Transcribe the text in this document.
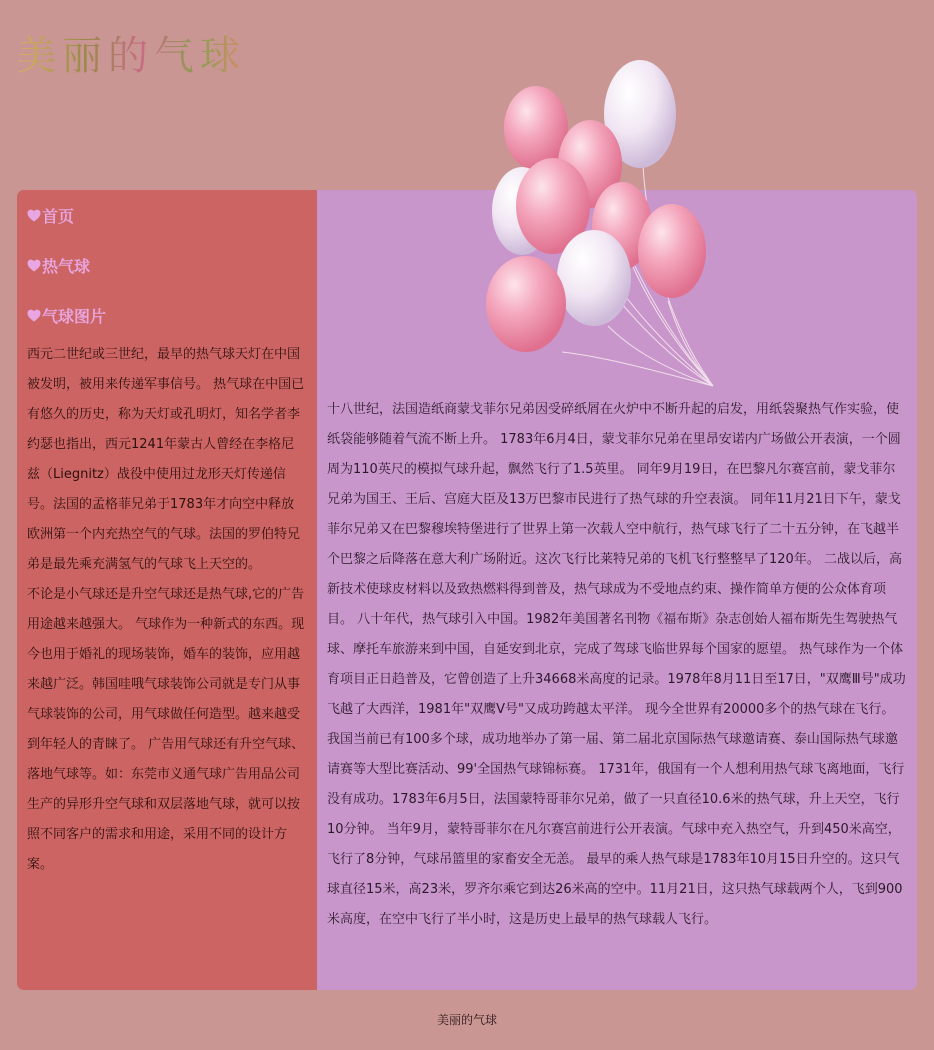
美丽的气球
首页
热气球
气球图片

西元二世纪或三世纪，最早的热气球天灯在中国被发明，被用来传递军事信号。 热气球在中国已有悠久的历史，称为天灯或孔明灯，知名学者李约瑟也指出，西元1241年蒙古人曾经在李格尼兹（Liegnitz）战役中使用过龙形天灯传递信号。法国的孟格菲兄弟于1783年才向空中释放欧洲第一个内充热空气的气球。法国的罗伯特兄弟是最先乘充满氢气的气球飞上天空的。

不论是小气球还是升空气球还是热气球,它的广告用途越来越强大。 气球作为一种新式的东西。现今也用于婚礼的现场装饰，婚车的装饰，应用越来越广泛。韩国哇哦气球装饰公司就是专门从事气球装饰的公司，用气球做任何造型。越来越受到年轻人的青睐了。 广告用气球还有升空气球、落地气球等。如：东莞市义通气球广告用品公司生产的异形升空气球和双层落地气球，就可以按照不同客户的需求和用途，采用不同的设计方案。

十八世纪，法国造纸商蒙戈菲尔兄弟因受碎纸屑在火炉中不断升起的启发，用纸袋聚热气作实验，使纸袋能够随着气流不断上升。 1783年6月4日，蒙戈菲尔兄弟在里昂安诺内广场做公开表演，一个圆周为110英尺的模拟气球升起，飘然飞行了1.5英里。 同年9月19日，在巴黎凡尔赛宫前，蒙戈菲尔兄弟为国王、王后、宫庭大臣及13万巴黎市民进行了热气球的升空表演。 同年11月21日下午，蒙戈菲尔兄弟又在巴黎穆埃特堡进行了世界上第一次载人空中航行，热气球飞行了二十五分钟，在飞越半个巴黎之后降落在意大利广场附近。这次飞行比莱特兄弟的飞机飞行整整早了120年。 二战以后，高新技术使球皮材料以及致热燃料得到普及，热气球成为不受地点约束、操作简单方便的公众体育项目。 八十年代，热气球引入中国。1982年美国著名刊物《福布斯》杂志创始人福布斯先生驾驶热气球、摩托车旅游来到中国，自延安到北京，完成了驾球飞临世界每个国家的愿望。 热气球作为一个体育项目正日趋普及，它曾创造了上升34668米高度的记录。1978年8月11日至17日，"双鹰Ⅲ号"成功飞越了大西洋，1981年"双鹰Ⅴ号"又成功跨越太平洋。 现今全世界有20000多个的热气球在飞行。我国当前已有100多个球，成功地举办了第一届、第二届北京国际热气球邀请赛、泰山国际热气球邀请赛等大型比赛活动、99'全国热气球锦标赛。 1731年，俄国有一个人想利用热气球飞离地面，飞行没有成功。1783年6月5日，法国蒙特哥菲尔兄弟，做了一只直径10.6米的热气球，升上天空，飞行10分钟。 当年9月，蒙特哥菲尔在凡尔赛宫前进行公开表演。气球中充入热空气，升到450米高空，飞行了8分钟，气球吊篮里的家畜安全无恙。 最早的乘人热气球是1783年10月15日升空的。这只气球直径15米，高23米，罗齐尔乘它到达26米高的空中。11月21日，这只热气球载两个人，飞到900米高度，在空中飞行了半小时，这是历史上最早的热气球载人飞行。

美丽的气球
